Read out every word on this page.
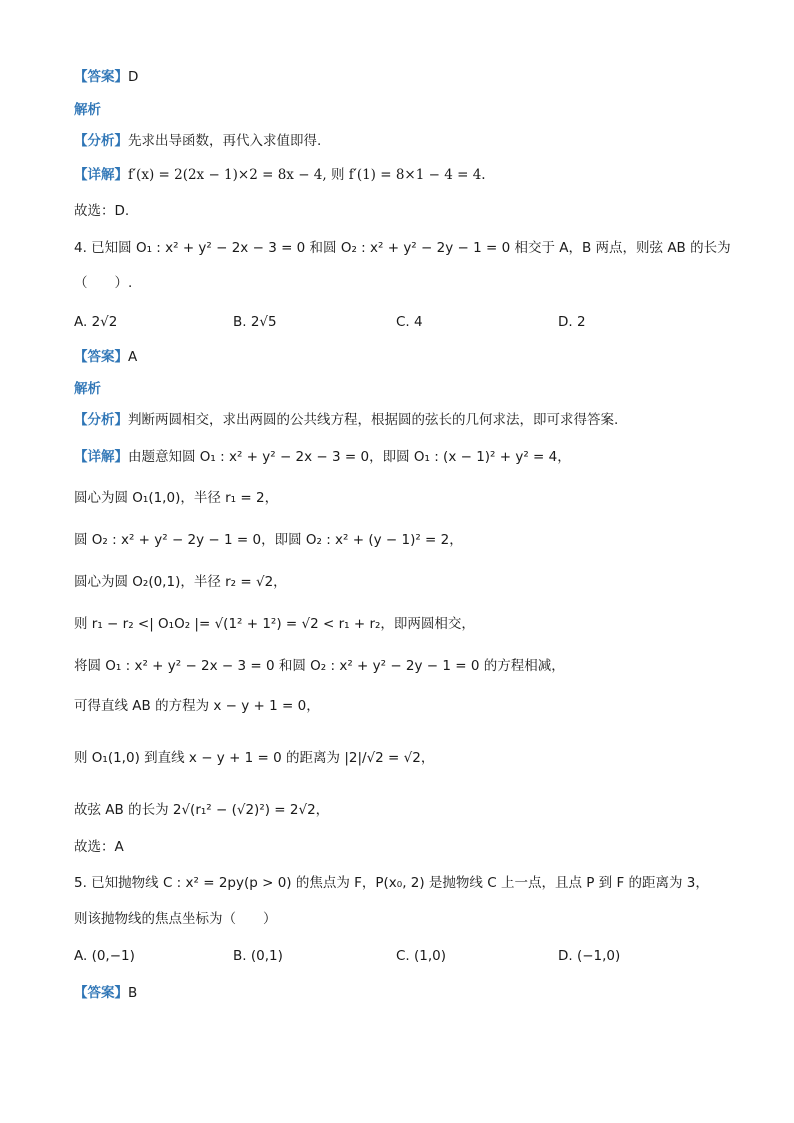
【答案】D
解析
【分析】先求出导函数，再代入求值即得.
【详解】f′(x) = 2(2x − 1)×2 = 8x − 4, 则 f′(1) = 8×1 − 4 = 4.
故选：D.
4. 已知圆 O₁ : x² + y² − 2x − 3 = 0 和圆 O₂ : x² + y² − 2y − 1 = 0 相交于 A，B 两点，则弦 AB 的长为
（　　）.
A. 2√2	B. 2√5	C. 4	D. 2
【答案】A
解析
【分析】判断两圆相交，求出两圆的公共线方程，根据圆的弦长的几何求法，即可求得答案.
【详解】由题意知圆 O₁ : x² + y² − 2x − 3 = 0，即圆 O₁ : (x − 1)² + y² = 4，
圆心为圆 O₁(1,0)，半径 r₁ = 2，
圆 O₂ : x² + y² − 2y − 1 = 0，即圆 O₂ : x² + (y − 1)² = 2，
圆心为圆 O₂(0,1)，半径 r₂ = √2，
则 r₁ − r₂ <| O₁O₂ |= √(1² + 1²) = √2 < r₁ + r₂，即两圆相交，
将圆 O₁ : x² + y² − 2x − 3 = 0 和圆 O₂ : x² + y² − 2y − 1 = 0 的方程相减，
可得直线 AB 的方程为 x − y + 1 = 0，
则 O₁(1,0) 到直线 x − y + 1 = 0 的距离为 |2|/√2 = √2，
故弦 AB 的长为 2√(r₁² − (√2)²) = 2√2，
故选：A
5. 已知抛物线 C : x² = 2py(p > 0) 的焦点为 F，P(x₀, 2) 是抛物线 C 上一点，且点 P 到 F 的距离为 3，
则该抛物线的焦点坐标为（　　）
A. (0,−1)	B. (0,1)	C. (1,0)	D. (−1,0)
【答案】B
